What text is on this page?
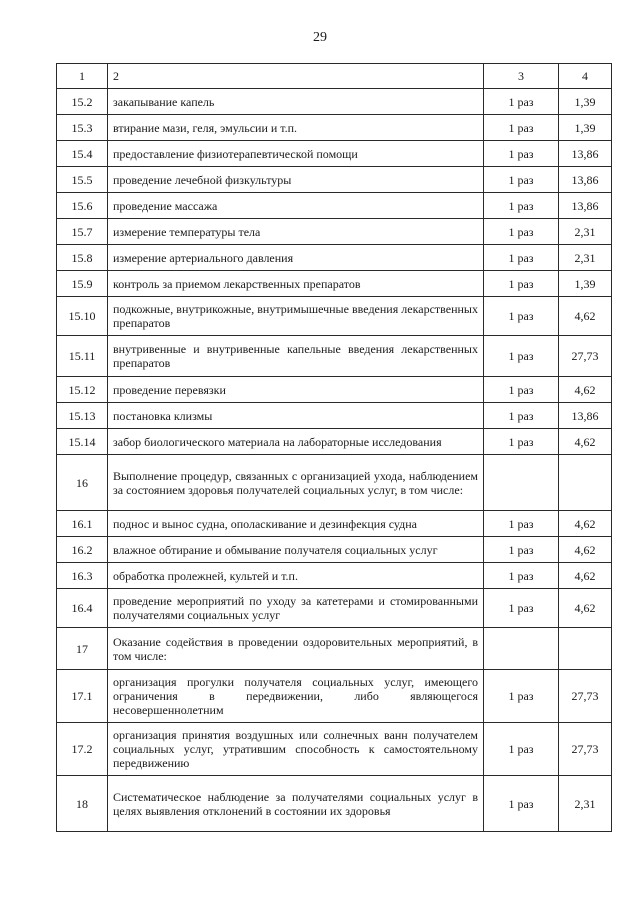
29
1	2	3	4
15.2	закапывание капель	1 раз	1,39
15.3	втирание мази, геля, эмульсии и т.п.	1 раз	1,39
15.4	предоставление физиотерапевтической помощи	1 раз	13,86
15.5	проведение лечебной физкультуры	1 раз	13,86
15.6	проведение массажа	1 раз	13,86
15.7	измерение температуры тела	1 раз	2,31
15.8	измерение артериального давления	1 раз	2,31
15.9	контроль за приемом лекарственных препаратов	1 раз	1,39
15.10	подкожные, внутрикожные, внутримышечные введения лекарственных препаратов	1 раз	4,62
15.11	внутривенные и внутривенные капельные введения лекарственных препаратов	1 раз	27,73
15.12	проведение перевязки	1 раз	4,62
15.13	постановка клизмы	1 раз	13,86
15.14	забор биологического материала на лабораторные исследования	1 раз	4,62
16	Выполнение процедур, связанных с организацией ухода, наблюдением за состоянием здоровья получателей социальных услуг, в том числе:		
16.1	поднос и вынос судна, ополаскивание и дезинфекция судна	1 раз	4,62
16.2	влажное обтирание и обмывание получателя социальных услуг	1 раз	4,62
16.3	обработка пролежней, культей и т.п.	1 раз	4,62
16.4	проведение мероприятий по уходу за катетерами и стомированными получателями социальных услуг	1 раз	4,62
17	Оказание содействия в проведении оздоровительных мероприятий, в том числе:		
17.1	организация прогулки получателя социальных услуг, имеющего ограничения в передвижении, либо являющегося несовершеннолетним	1 раз	27,73
17.2	организация принятия воздушных или солнечных ванн получателем социальных услуг, утратившим способность к самостоятельному передвижению	1 раз	27,73
18	Систематическое наблюдение за получателями социальных услуг в целях выявления отклонений в состоянии их здоровья	1 раз	2,31
